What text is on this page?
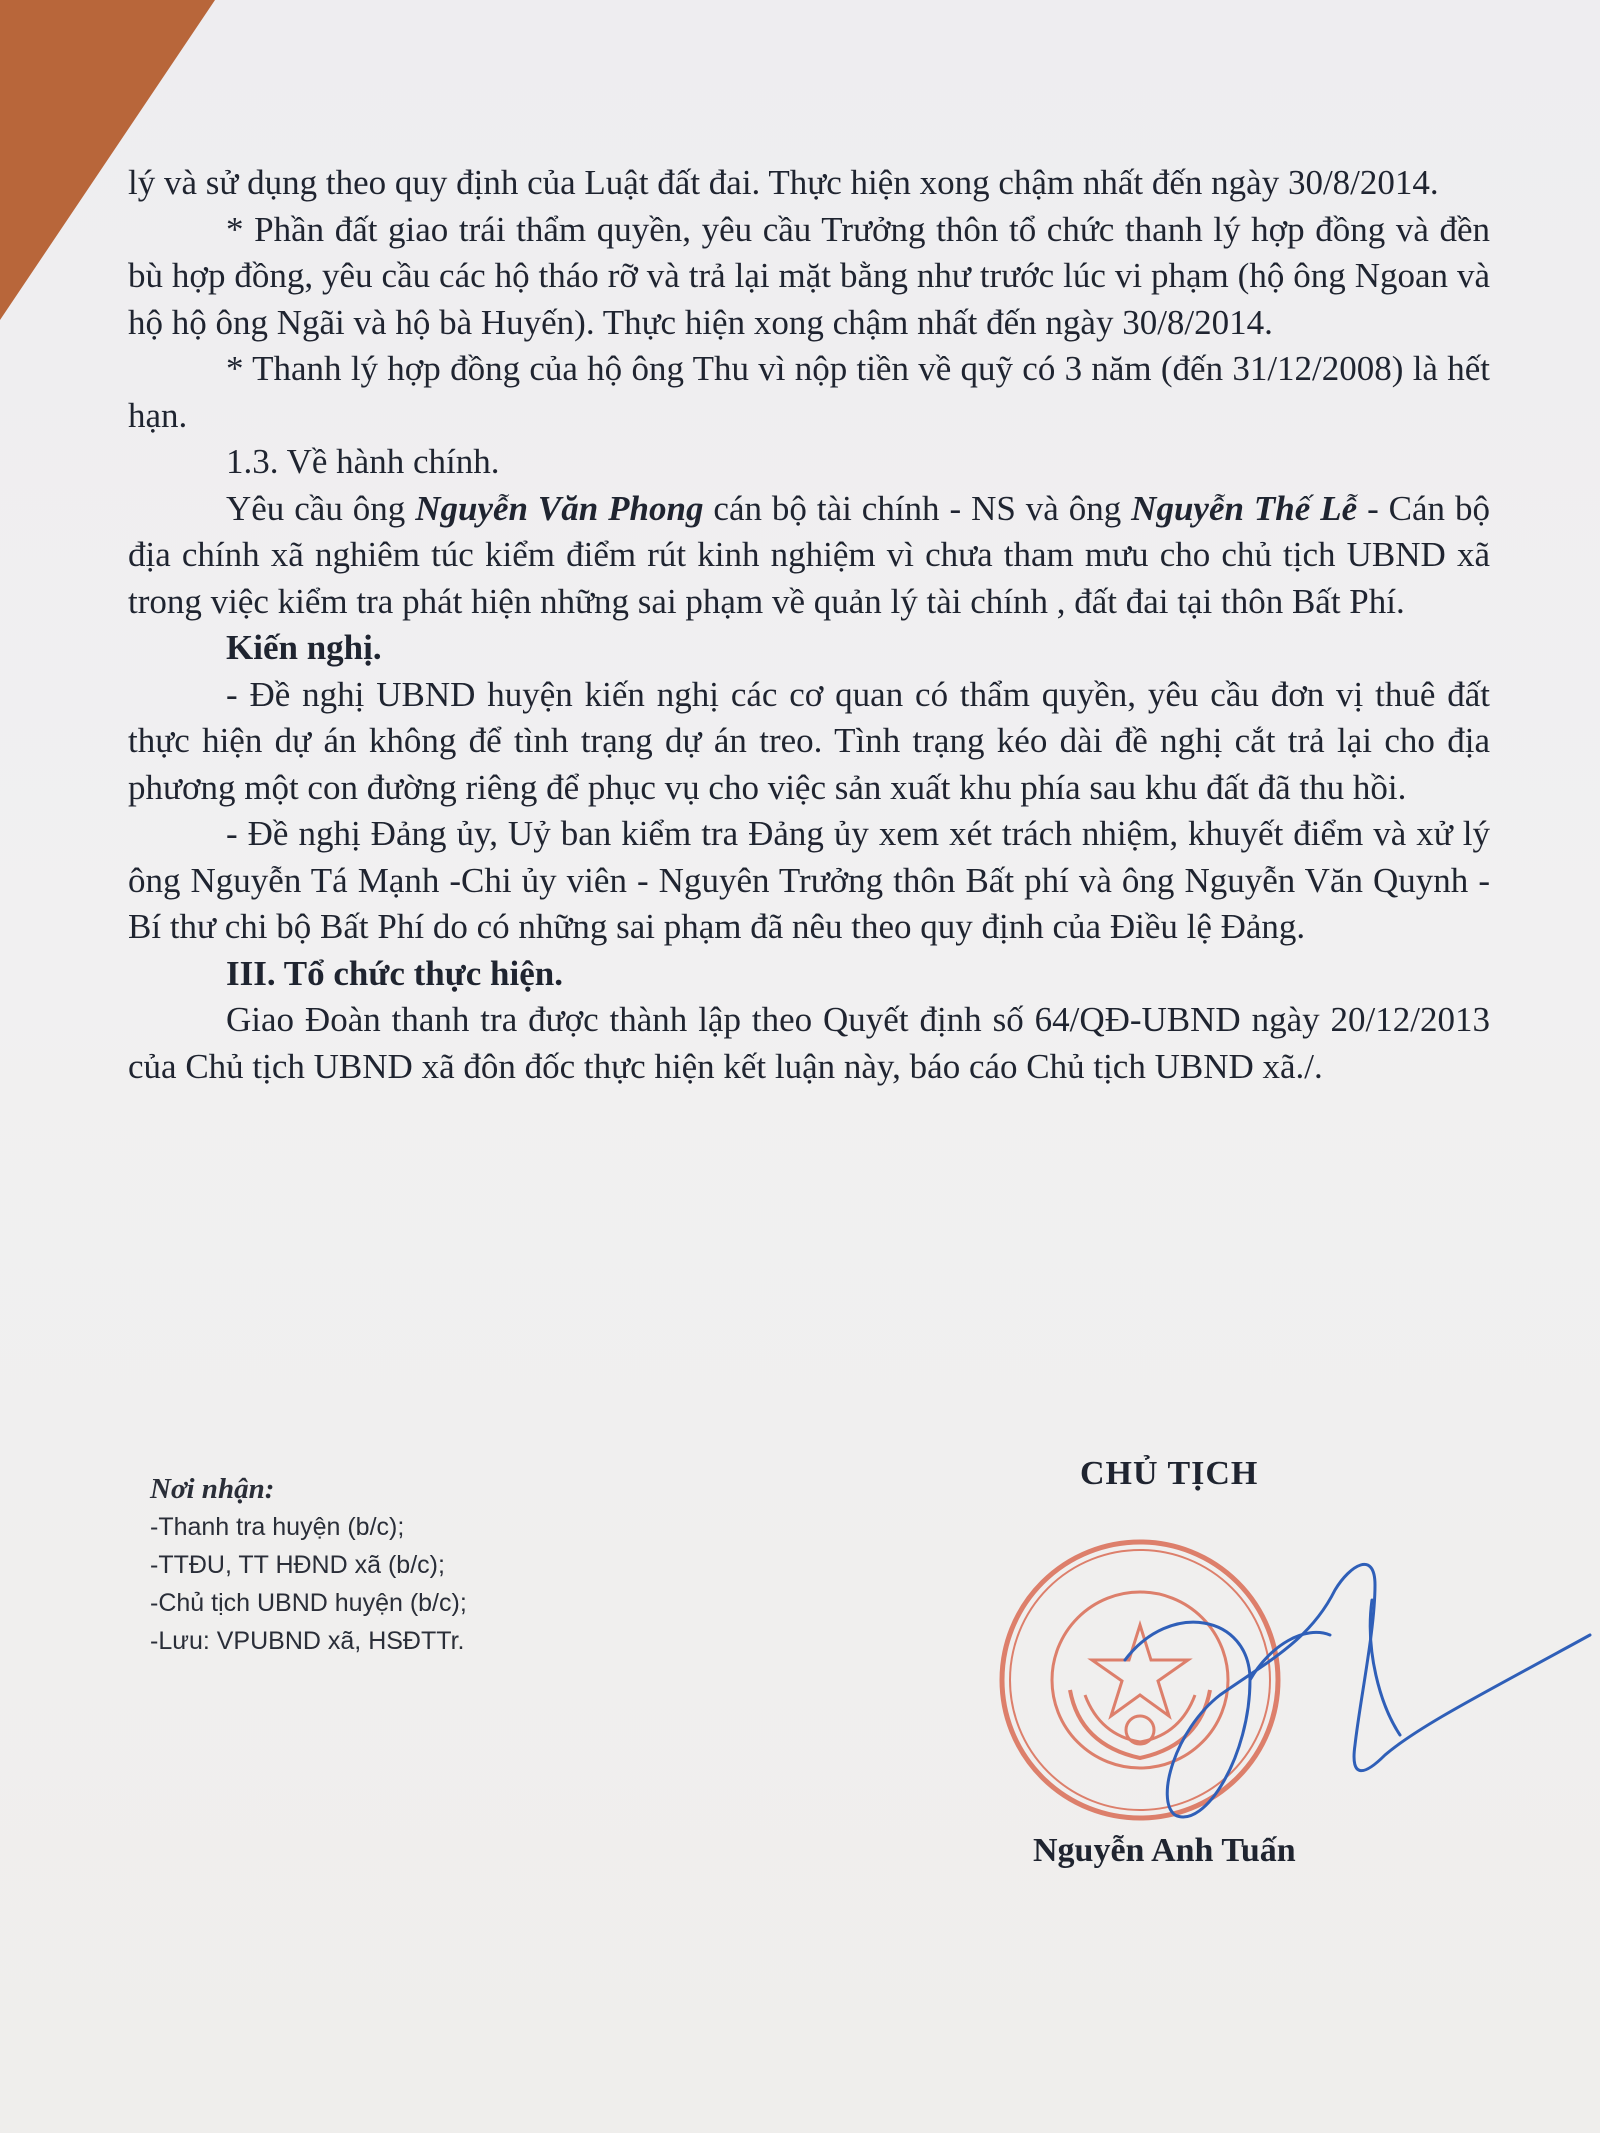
lý và sử dụng theo quy định của Luật đất đai. Thực hiện xong chậm nhất đến ngày 30/8/2014.

* Phần đất giao trái thẩm quyền, yêu cầu Trưởng thôn tổ chức thanh lý hợp đồng và đền bù hợp đồng, yêu cầu các hộ tháo rỡ và trả lại mặt bằng như trước lúc vi phạm (hộ ông Ngoan và hộ hộ ông Ngãi và hộ bà Huyến). Thực hiện xong chậm nhất đến ngày 30/8/2014.

* Thanh lý hợp đồng của hộ ông Thu vì nộp tiền về quỹ có 3 năm (đến 31/12/2008) là hết hạn.

1.3. Về hành chính.

Yêu cầu ông Nguyễn Văn Phong cán bộ tài chính - NS và ông Nguyễn Thế Lễ - Cán bộ địa chính xã nghiêm túc kiểm điểm rút kinh nghiệm vì chưa tham mưu cho chủ tịch UBND xã trong việc kiểm tra phát hiện những sai phạm về quản lý tài chính , đất đai tại thôn Bất Phí.

Kiến nghị.

- Đề nghị UBND huyện kiến nghị các cơ quan có thẩm quyền, yêu cầu đơn vị thuê đất thực hiện dự án không để tình trạng dự án treo. Tình trạng kéo dài đề nghị cắt trả lại cho địa phương một con đường riêng để phục vụ cho việc sản xuất khu phía sau khu đất đã thu hồi.

- Đề nghị Đảng ủy, Uỷ ban kiểm tra Đảng ủy xem xét trách nhiệm, khuyết điểm và xử lý ông Nguyễn Tá Mạnh -Chi ủy viên - Nguyên Trưởng thôn Bất phí và ông Nguyễn Văn Quynh - Bí thư chi bộ Bất Phí do có những sai phạm đã nêu theo quy định của Điều lệ Đảng.

III. Tổ chức thực hiện.

Giao Đoàn thanh tra được thành lập theo Quyết định số 64/QĐ-UBND ngày 20/12/2013 của Chủ tịch UBND xã đôn đốc thực hiện kết luận này, báo cáo Chủ tịch UBND xã./.

Nơi nhận:
-Thanh tra huyện (b/c);
-TTĐU, TT HĐND xã (b/c);
-Chủ tịch UBND huyện (b/c);
-Lưu: VPUBND xã, HSĐTTr.
CHỦ TỊCH
Nguyễn Anh Tuấn
